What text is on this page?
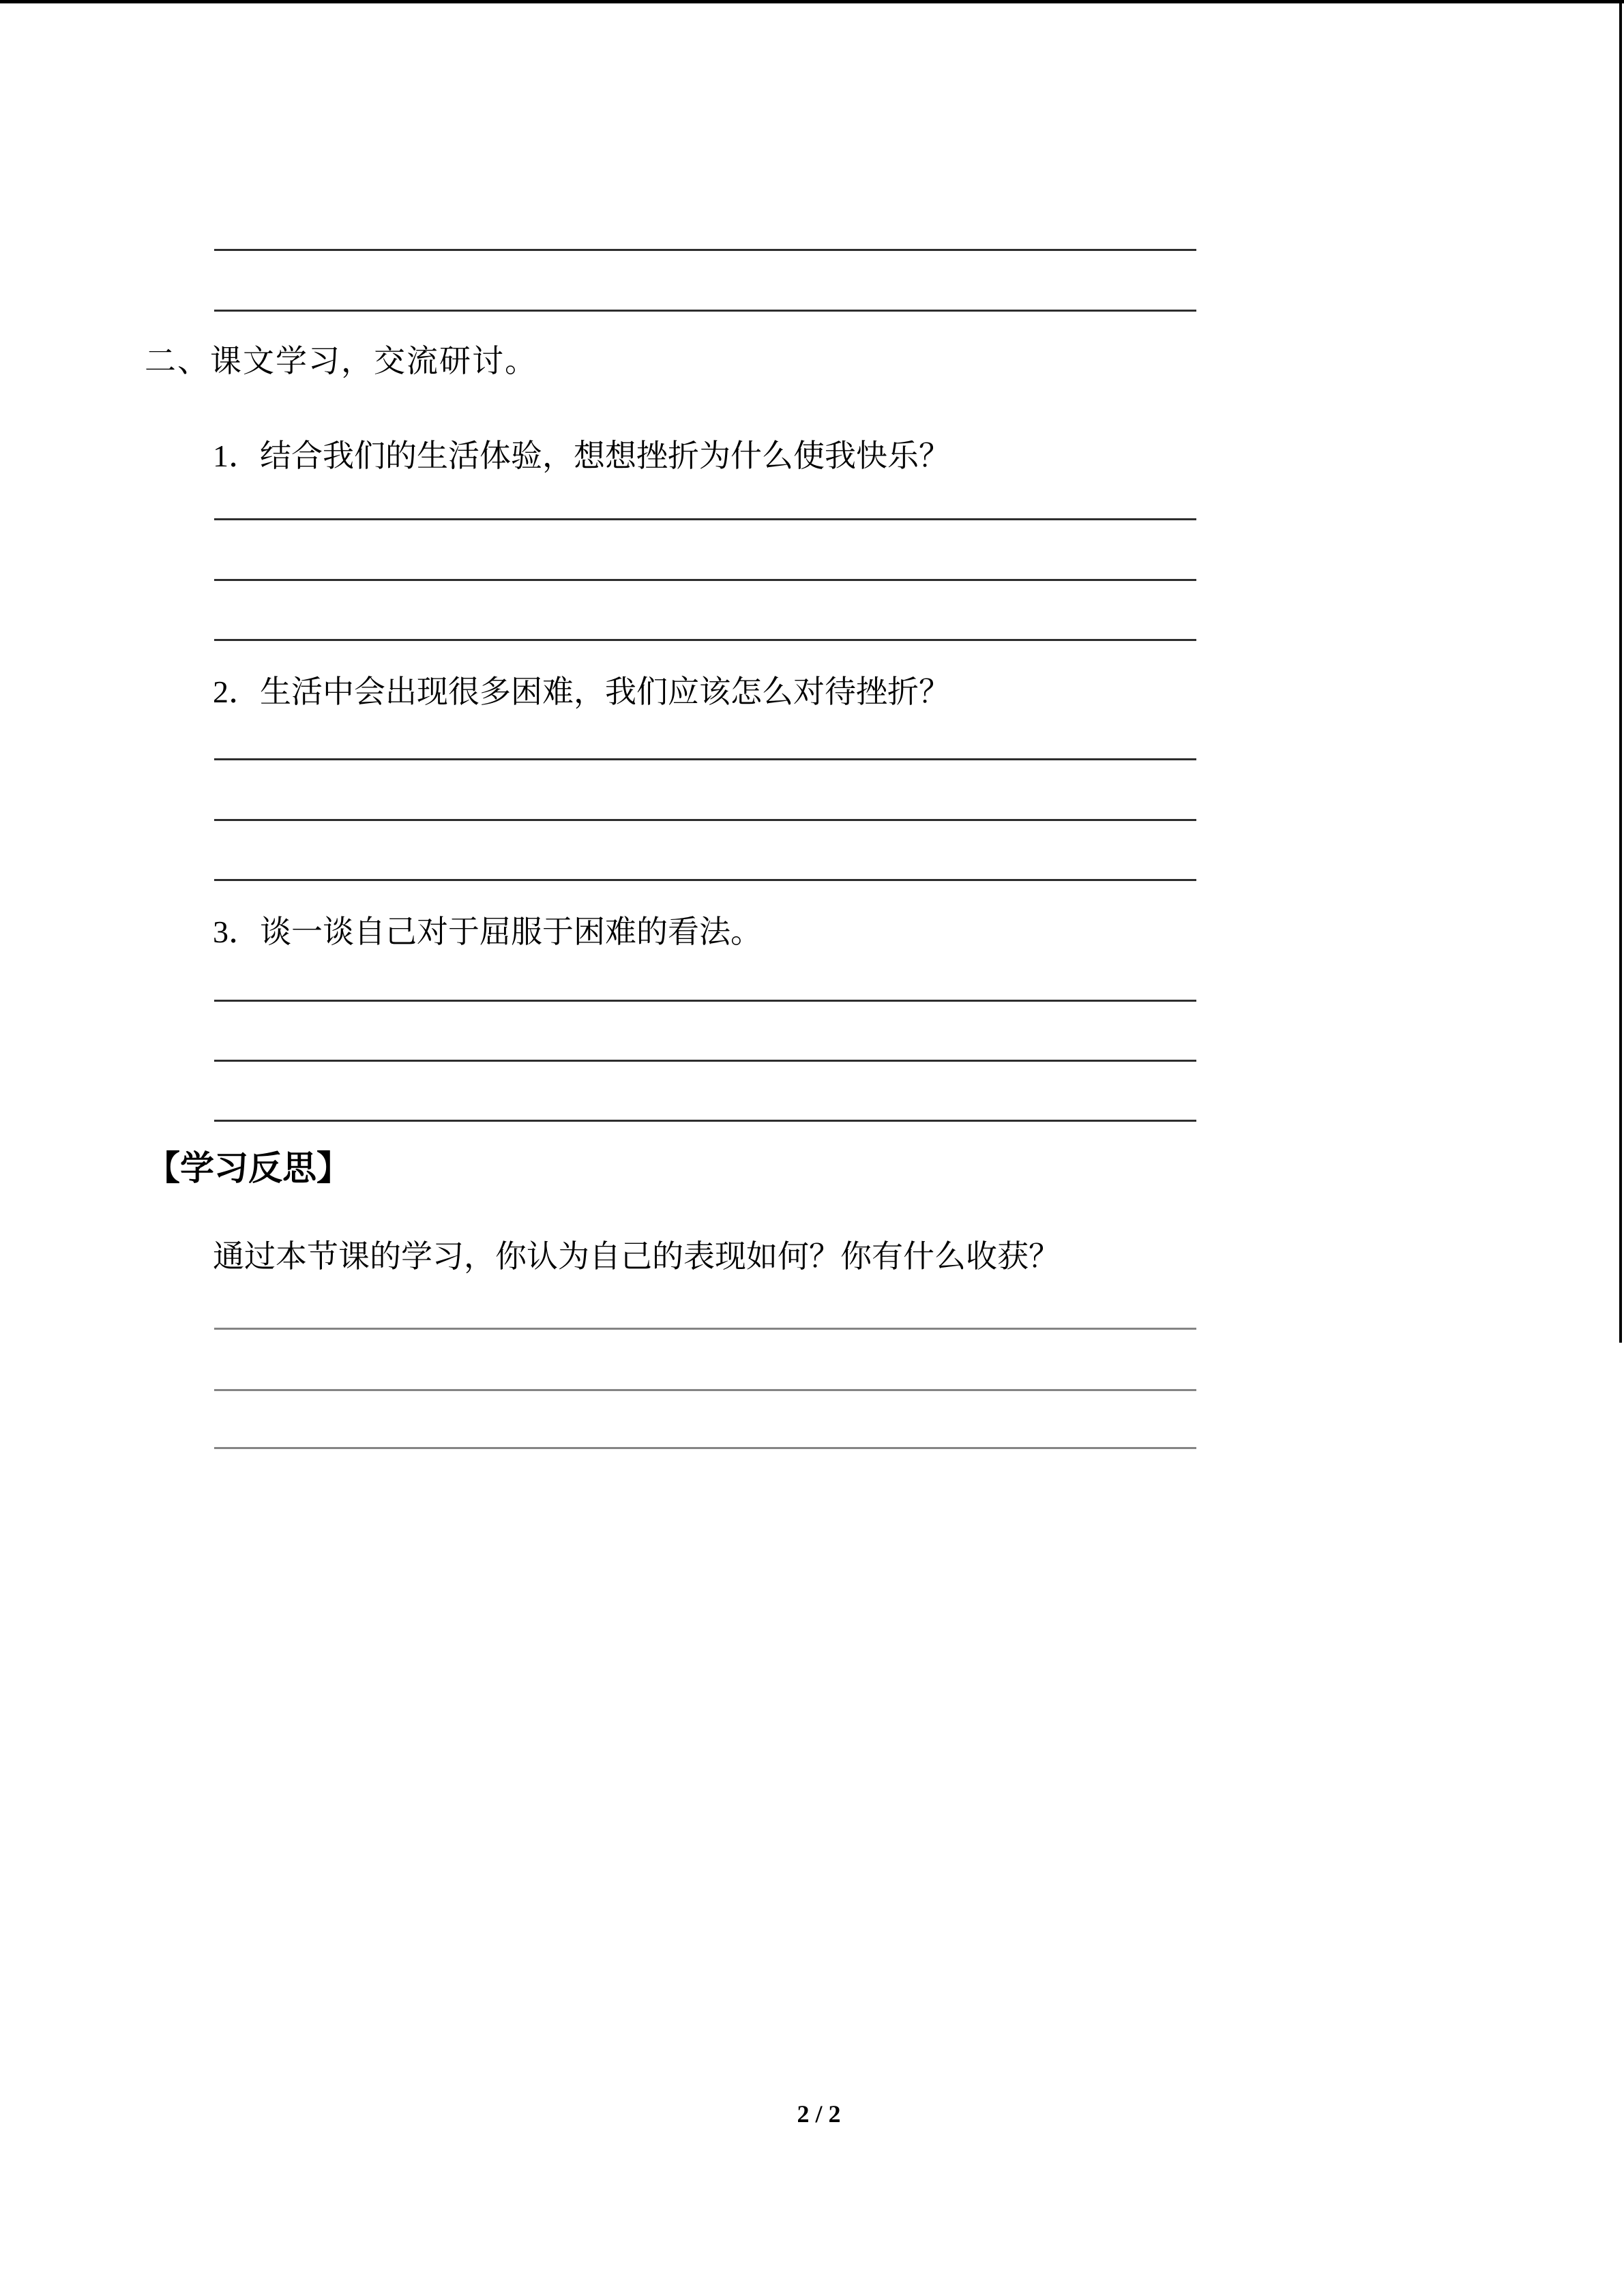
二、课文学习，交流研讨。
1．结合我们的生活体验，想想挫折为什么使我快乐？
2．生活中会出现很多困难，我们应该怎么对待挫折？
3．谈一谈自己对于屈服于困难的看法。
【学习反思】
通过本节课的学习，你认为自己的表现如何？你有什么收获？
2 / 2
